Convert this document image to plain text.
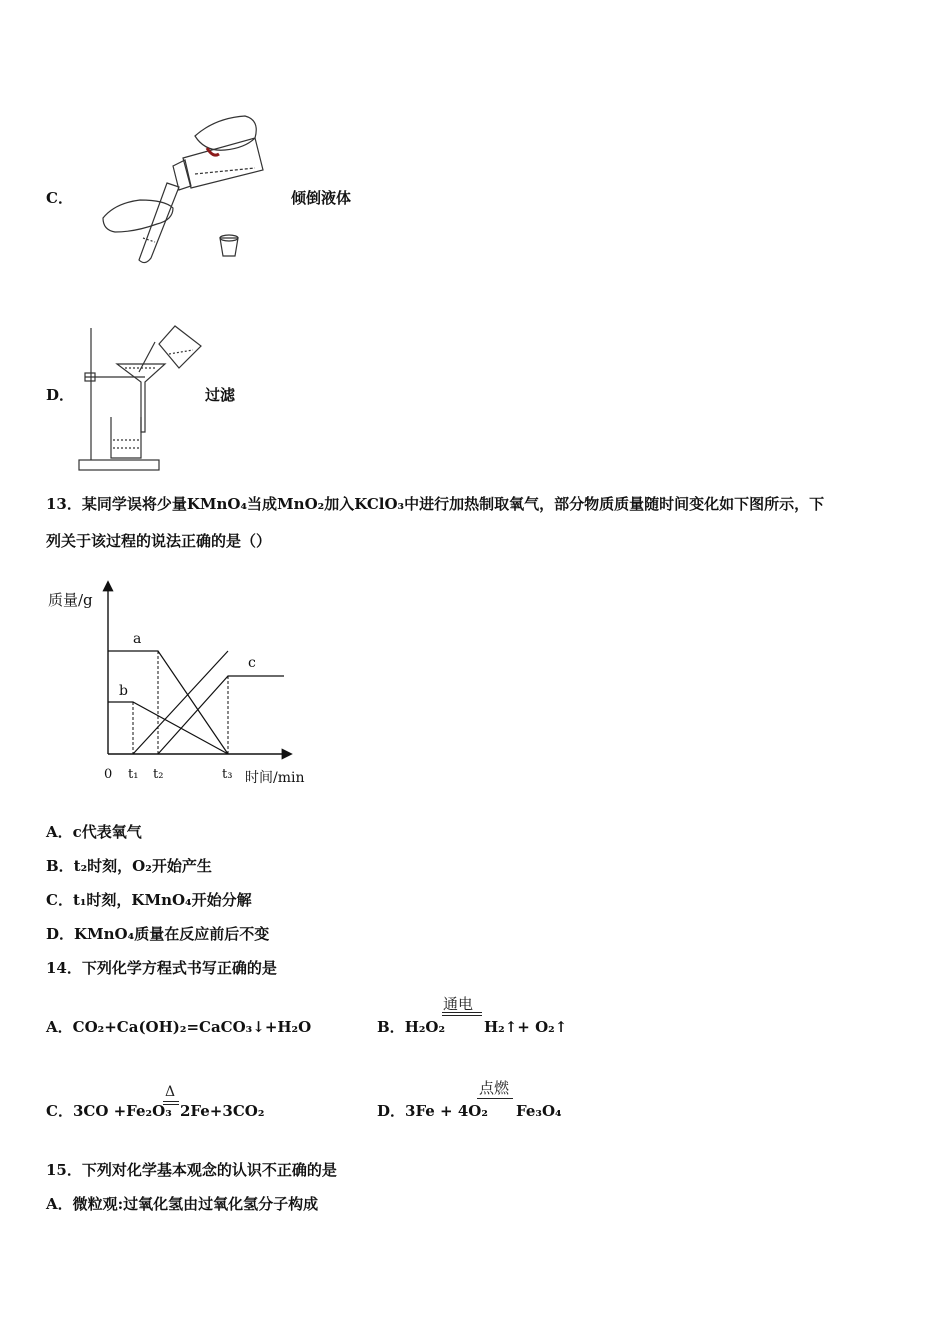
C．	倾倒液体
D．	过滤
13．某同学误将少量KMnO₄当成MnO₂加入KClO₃中进行加热制取氧气，部分物质质量随时间变化如下图所示，下
列关于该过程的说法正确的是（）
质量/g
时间/min
0 t₁ t₂	t₃
a
b
c
A．c代表氧气
B．t₂时刻，O₂开始产生
C．t₁时刻，KMnO₄开始分解
D．KMnO₄质量在反应前后不变
14．下列化学方程式书写正确的是
A．CO₂+Ca(OH)₂=CaCO₃↓+H₂O	B．H₂O₂
通电
H₂↑+ O₂↑
C．3CO +Fe₂O₃
Δ
2Fe+3CO₂	D．3Fe + 4O₂
点燃
Fe₃O₄
15．下列对化学基本观念的认识不正确的是
A．微粒观:过氧化氢由过氧化氢分子构成
